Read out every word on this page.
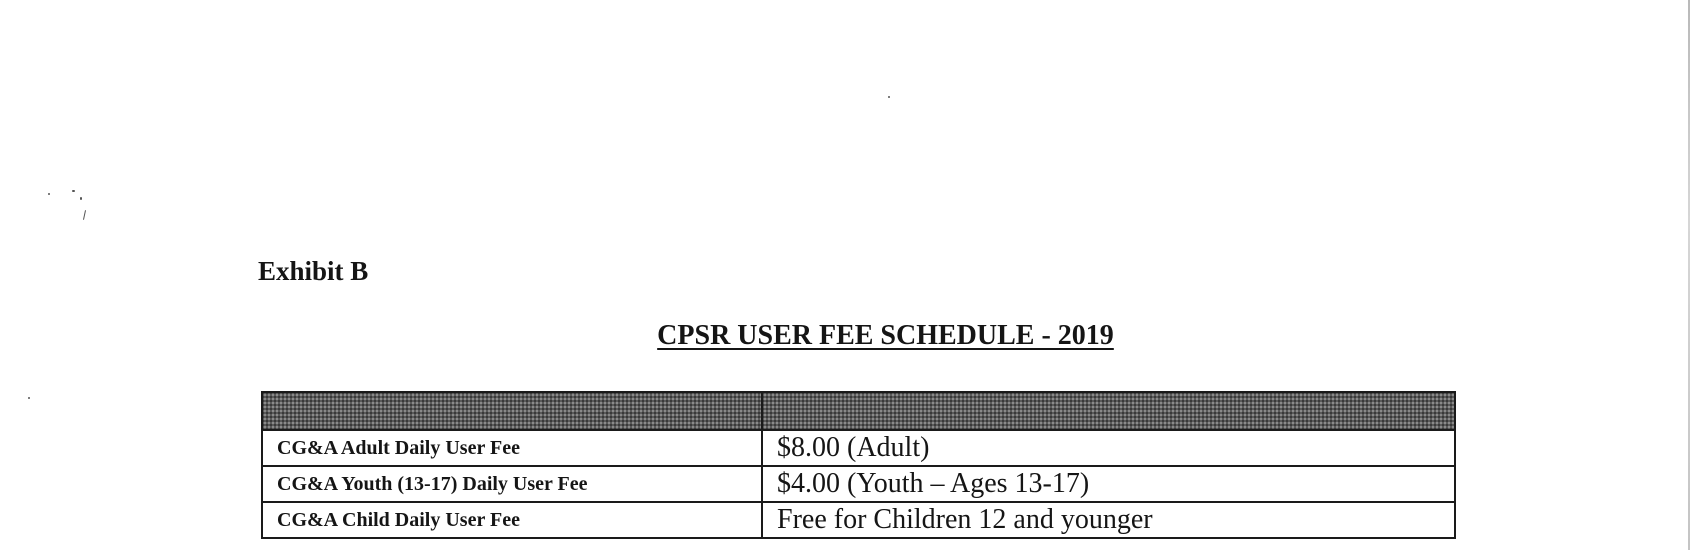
Exhibit B
CPSR USER FEE SCHEDULE - 2019

CG&A Adult Daily User Fee	$8.00 (Adult)
CG&A Youth (13-17) Daily User Fee	$4.00 (Youth – Ages 13-17)
CG&A Child Daily User Fee	Free for Children 12 and younger
